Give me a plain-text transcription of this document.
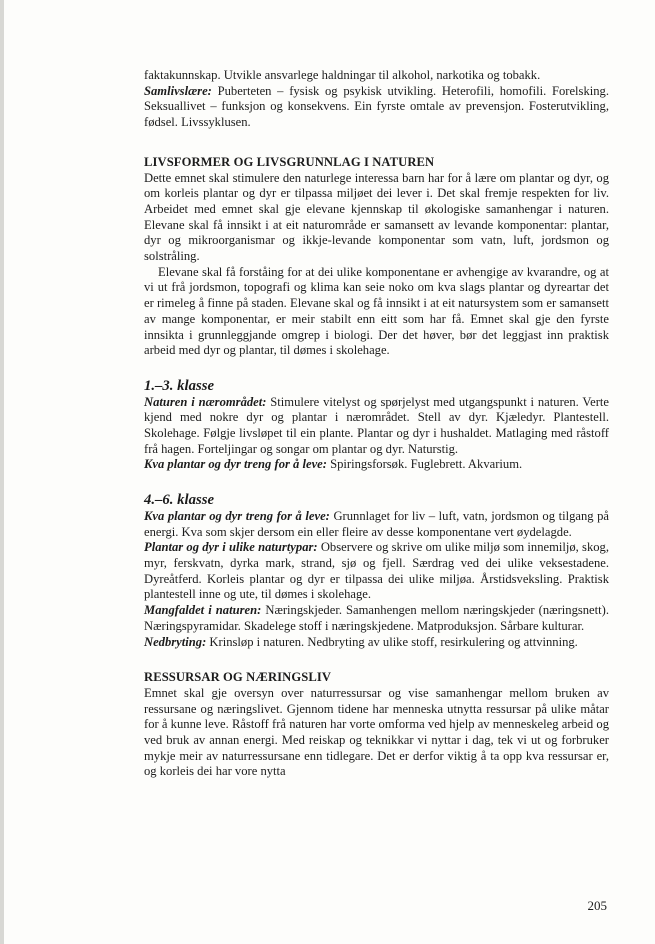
faktakunnskap. Utvikle ansvarlege haldningar til alkohol, narkotika og tobakk.

Samlivslære: Puberteten – fysisk og psykisk utvikling. Heterofili, homofili. Forelsking. Seksuallivet – funksjon og konsekvens. Ein fyrste omtale av prevensjon. Fosterutvikling, fødsel. Livssyklusen.

LIVSFORMER OG LIVSGRUNNLAG I NATUREN

Dette emnet skal stimulere den naturlege interessa barn har for å lære om plantar og dyr, og om korleis plantar og dyr er tilpassa miljøet dei lever i. Det skal fremje respekten for liv. Arbeidet med emnet skal gje elevane kjennskap til økologiske samanhengar i naturen. Elevane skal få innsikt i at eit naturområde er samansett av levande komponentar: plantar, dyr og mikroorganismar og ikkje-levande komponentar som vatn, luft, jordsmon og solstråling.

Elevane skal få forståing for at dei ulike komponentane er avhengige av kvarandre, og at vi ut frå jordsmon, topografi og klima kan seie noko om kva slags plantar og dyreartar det er rimeleg å finne på staden. Elevane skal og få innsikt i at eit natursystem som er samansett av mange komponentar, er meir stabilt enn eitt som har få. Emnet skal gje den fyrste innsikta i grunnleggjande omgrep i biologi. Der det høver, bør det leggjast inn praktisk arbeid med dyr og plantar, til dømes i skolehage.

1.–3. klasse

Naturen i nærområdet: Stimulere vitelyst og spørjelyst med utgangspunkt i naturen. Verte kjend med nokre dyr og plantar i nærområdet. Stell av dyr. Kjæledyr. Plantestell. Skolehage. Følgje livsløpet til ein plante. Plantar og dyr i hushaldet. Matlaging med råstoff frå hagen. Forteljingar og songar om plantar og dyr. Naturstig.

Kva plantar og dyr treng for å leve: Spiringsforsøk. Fuglebrett. Akvarium.

4.–6. klasse

Kva plantar og dyr treng for å leve: Grunnlaget for liv – luft, vatn, jordsmon og tilgang på energi. Kva som skjer dersom ein eller fleire av desse komponentane vert øydelagde.

Plantar og dyr i ulike naturtypar: Observere og skrive om ulike miljø som innemiljø, skog, myr, ferskvatn, dyrka mark, strand, sjø og fjell. Særdrag ved dei ulike veksestadene. Dyreåtferd. Korleis plantar og dyr er tilpassa dei ulike miljøa. Årstidsveksling. Praktisk plantestell inne og ute, til dømes i skolehage.

Mangfaldet i naturen: Næringskjeder. Samanhengen mellom næringskjeder (næringsnett). Næringspyramidar. Skadelege stoff i næringskjedene. Matproduksjon. Sårbare kulturar.

Nedbryting: Krinsløp i naturen. Nedbryting av ulike stoff, resirkulering og attvinning.

RESSURSAR OG NÆRINGSLIV

Emnet skal gje oversyn over naturressursar og vise samanhengar mellom bruken av ressursane og næringslivet. Gjennom tidene har menneska utnytta ressursar på ulike måtar for å kunne leve. Råstoff frå naturen har vorte omforma ved hjelp av menneskeleg arbeid og ved bruk av annan energi. Med reiskap og teknikkar vi nyttar i dag, tek vi ut og forbruker mykje meir av naturressursane enn tidlegare. Det er derfor viktig å ta opp kva ressursar er, og korleis dei har vore nytta

205
